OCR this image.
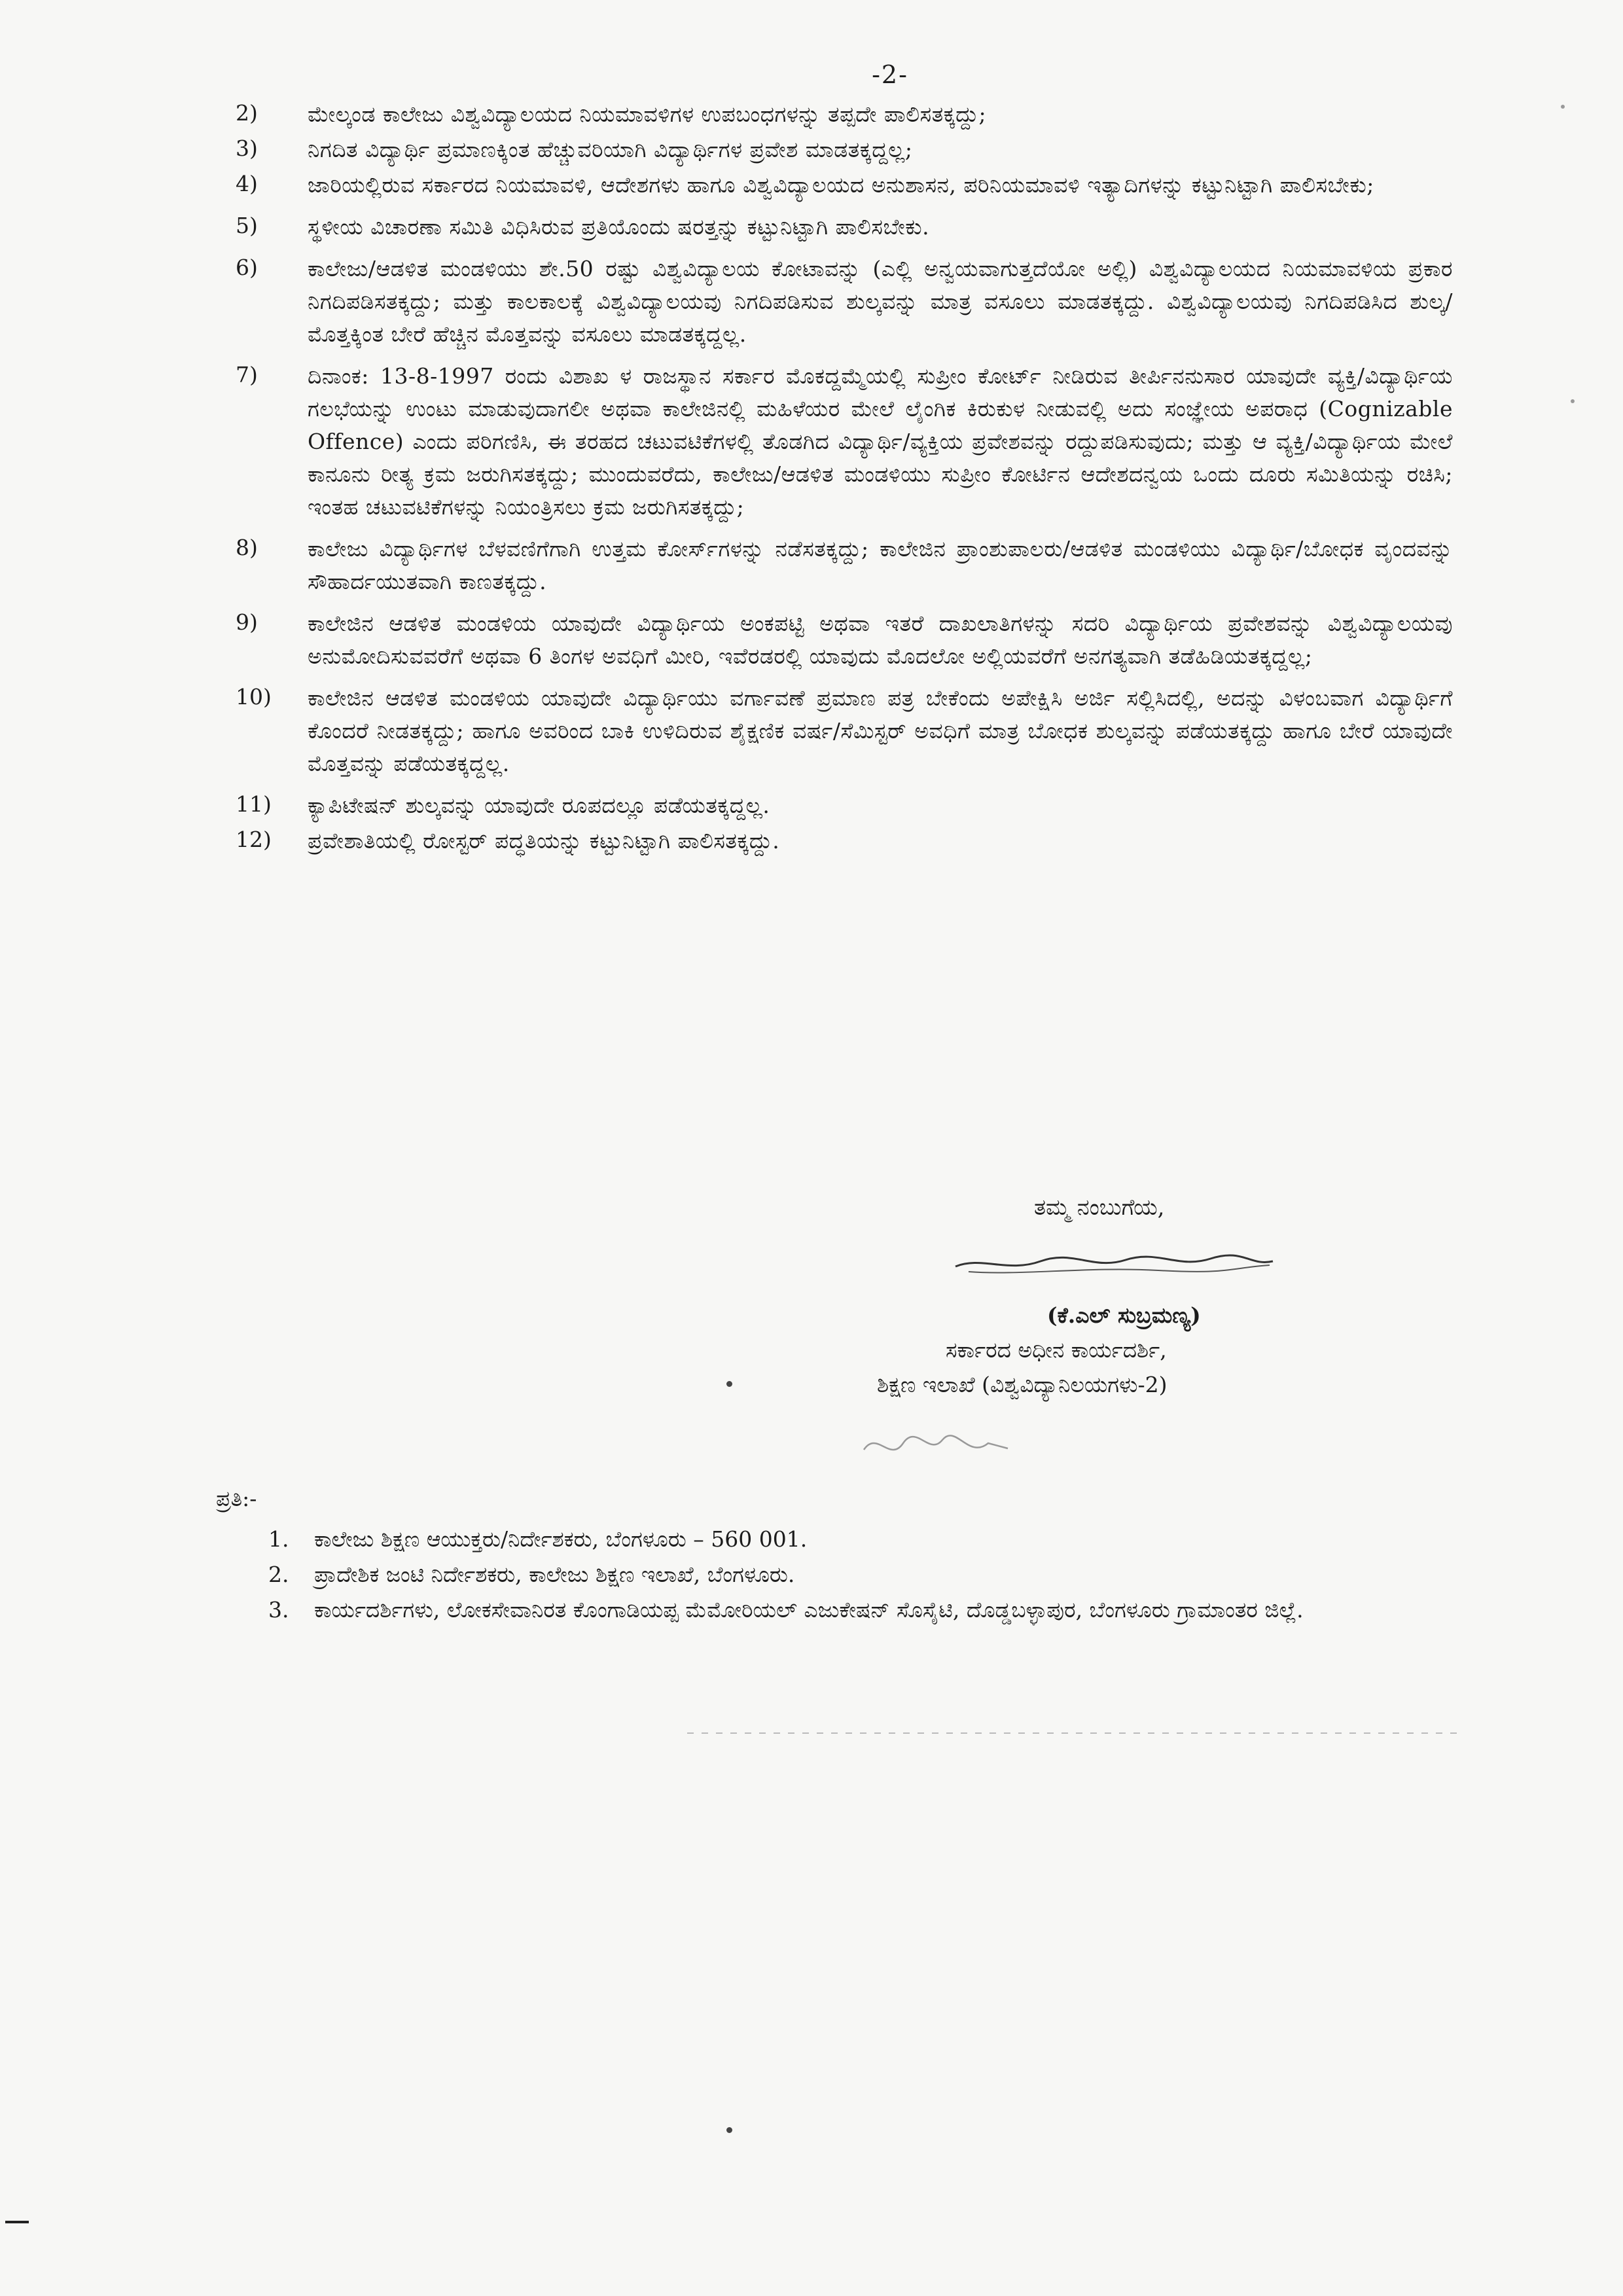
-2-
2)	ಮೇಲ್ಕಂಡ ಕಾಲೇಜು ವಿಶ್ವವಿದ್ಯಾಲಯದ ನಿಯಮಾವಳಿಗಳ ಉಪಬಂಧಗಳನ್ನು ತಪ್ಪದೇ ಪಾಲಿಸತಕ್ಕದ್ದು;
3)	ನಿಗದಿತ ವಿದ್ಯಾರ್ಥಿ ಪ್ರಮಾಣಕ್ಕಿಂತ ಹೆಚ್ಚುವರಿಯಾಗಿ ವಿದ್ಯಾರ್ಥಿಗಳ ಪ್ರವೇಶ ಮಾಡತಕ್ಕದ್ದಲ್ಲ;
4)	ಜಾರಿಯಲ್ಲಿರುವ ಸರ್ಕಾರದ ನಿಯಮಾವಳಿ, ಆದೇಶಗಳು ಹಾಗೂ ವಿಶ್ವವಿದ್ಯಾಲಯದ ಅನುಶಾಸನ, ಪರಿನಿಯಮಾವಳಿ ಇತ್ಯಾದಿಗಳನ್ನು ಕಟ್ಟುನಿಟ್ಟಾಗಿ ಪಾಲಿಸಬೇಕು;
5)	ಸ್ಥಳೀಯ ವಿಚಾರಣಾ ಸಮಿತಿ ವಿಧಿಸಿರುವ ಪ್ರತಿಯೊಂದು ಷರತ್ತನ್ನು ಕಟ್ಟುನಿಟ್ಟಾಗಿ ಪಾಲಿಸಬೇಕು.
6)	ಕಾಲೇಜು/ಆಡಳಿತ ಮಂಡಳಿಯು ಶೇ.50 ರಷ್ಟು ವಿಶ್ವವಿದ್ಯಾಲಯ ಕೋಟಾವನ್ನು (ಎಲ್ಲಿ ಅನ್ವಯವಾಗುತ್ತದೆಯೋ ಅಲ್ಲಿ) ವಿಶ್ವವಿದ್ಯಾಲಯದ ನಿಯಮಾವಳಿಯ ಪ್ರಕಾರ ನಿಗದಿಪಡಿಸತಕ್ಕದ್ದು; ಮತ್ತು ಕಾಲಕಾಲಕ್ಕೆ ವಿಶ್ವವಿದ್ಯಾಲಯವು ನಿಗದಿಪಡಿಸುವ ಶುಲ್ಕವನ್ನು ಮಾತ್ರ ವಸೂಲು ಮಾಡತಕ್ಕದ್ದು. ವಿಶ್ವವಿದ್ಯಾಲಯವು ನಿಗದಿಪಡಿಸಿದ ಶುಲ್ಕ/ಮೊತ್ತಕ್ಕಿಂತ ಬೇರೆ ಹೆಚ್ಚಿನ ಮೊತ್ತವನ್ನು ವಸೂಲು ಮಾಡತಕ್ಕದ್ದಲ್ಲ.
7)	ದಿನಾಂಕ: 13-8-1997 ರಂದು ವಿಶಾಖ ಳ ರಾಜಸ್ಥಾನ ಸರ್ಕಾರ ಮೊಕದ್ದಮ್ಮೆಯಲ್ಲಿ ಸುಪ್ರೀಂ ಕೋರ್ಟ್ ನೀಡಿರುವ ತೀರ್ಪಿನನುಸಾರ ಯಾವುದೇ ವ್ಯಕ್ತಿ/ವಿದ್ಯಾರ್ಥಿಯ ಗಲಭೆಯನ್ನು ಉಂಟು ಮಾಡುವುದಾಗಲೀ ಅಥವಾ ಕಾಲೇಜಿನಲ್ಲಿ ಮಹಿಳೆಯರ ಮೇಲೆ ಲೈಂಗಿಕ ಕಿರುಕುಳ ನೀಡುವಲ್ಲಿ ಅದು ಸಂಜ್ಞೇಯ ಅಪರಾಧ (Cognizable Offence) ಎಂದು ಪರಿಗಣಿಸಿ, ಈ ತರಹದ ಚಟುವಟಿಕೆಗಳಲ್ಲಿ ತೊಡಗಿದ ವಿದ್ಯಾರ್ಥಿ/ವ್ಯಕ್ತಿಯ ಪ್ರವೇಶವನ್ನು ರದ್ದುಪಡಿಸುವುದು; ಮತ್ತು ಆ ವ್ಯಕ್ತಿ/ವಿದ್ಯಾರ್ಥಿಯ ಮೇಲೆ ಕಾನೂನು ರೀತ್ಯ ಕ್ರಮ ಜರುಗಿಸತಕ್ಕದ್ದು; ಮುಂದುವರೆದು, ಕಾಲೇಜು/ಆಡಳಿತ ಮಂಡಳಿಯು ಸುಪ್ರೀಂ ಕೋರ್ಟಿನ ಆದೇಶದನ್ವಯ ಒಂದು ದೂರು ಸಮಿತಿಯನ್ನು ರಚಿಸಿ; ಇಂತಹ ಚಟುವಟಿಕೆಗಳನ್ನು ನಿಯಂತ್ರಿಸಲು ಕ್ರಮ ಜರುಗಿಸತಕ್ಕದ್ದು;
8)	ಕಾಲೇಜು ವಿದ್ಯಾರ್ಥಿಗಳ ಬೆಳವಣಿಗೆಗಾಗಿ ಉತ್ತಮ ಕೋರ್ಸ್‌ಗಳನ್ನು ನಡೆಸತಕ್ಕದ್ದು; ಕಾಲೇಜಿನ ಪ್ರಾಂಶುಪಾಲರು/ಆಡಳಿತ ಮಂಡಳಿಯು ವಿದ್ಯಾರ್ಥಿ/ಬೋಧಕ ವೃಂದವನ್ನು ಸೌಹಾರ್ದಯುತವಾಗಿ ಕಾಣತಕ್ಕದ್ದು.
9)	ಕಾಲೇಜಿನ ಆಡಳಿತ ಮಂಡಳಿಯ ಯಾವುದೇ ವಿದ್ಯಾರ್ಥಿಯ ಅಂಕಪಟ್ಟಿ ಅಥವಾ ಇತರೆ ದಾಖಲಾತಿಗಳನ್ನು ಸದರಿ ವಿದ್ಯಾರ್ಥಿಯ ಪ್ರವೇಶವನ್ನು ವಿಶ್ವವಿದ್ಯಾಲಯವು ಅನುಮೋದಿಸುವವರೆಗೆ ಅಥವಾ 6 ತಿಂಗಳ ಅವಧಿಗೆ ಮೀರಿ, ಇವೆರಡರಲ್ಲಿ ಯಾವುದು ಮೊದಲೋ ಅಲ್ಲಿಯವರೆಗೆ ಅನಗತ್ಯವಾಗಿ ತಡೆಹಿಡಿಯತಕ್ಕದ್ದಲ್ಲ;
10)	ಕಾಲೇಜಿನ ಆಡಳಿತ ಮಂಡಳಿಯ ಯಾವುದೇ ವಿದ್ಯಾರ್ಥಿಯು ವರ್ಗಾವಣೆ ಪ್ರಮಾಣ ಪತ್ರ ಬೇಕೆಂದು ಅಪೇಕ್ಷಿಸಿ ಅರ್ಜಿ ಸಲ್ಲಿಸಿದಲ್ಲಿ, ಅದನ್ನು ವಿಳಂಬವಾಗ ವಿದ್ಯಾರ್ಥಿಗೆ ಕೊಂದರೆ ನೀಡತಕ್ಕದ್ದು; ಹಾಗೂ ಅವರಿಂದ ಬಾಕಿ ಉಳಿದಿರುವ ಶೈಕ್ಷಣಿಕ ವರ್ಷ/ಸೆಮಿಸ್ಟರ್ ಅವಧಿಗೆ ಮಾತ್ರ ಬೋಧಕ ಶುಲ್ಕವನ್ನು ಪಡೆಯತಕ್ಕದ್ದು ಹಾಗೂ ಬೇರೆ ಯಾವುದೇ ಮೊತ್ತವನ್ನು ಪಡೆಯತಕ್ಕದ್ದಲ್ಲ.
11)	ಕ್ಯಾಪಿಟೇಷನ್ ಶುಲ್ಕವನ್ನು ಯಾವುದೇ ರೂಪದಲ್ಲೂ ಪಡೆಯತಕ್ಕದ್ದಲ್ಲ.
12)	ಪ್ರವೇಶಾತಿಯಲ್ಲಿ ರೋಸ್ಟರ್ ಪದ್ಧತಿಯನ್ನು ಕಟ್ಟುನಿಟ್ಟಾಗಿ ಪಾಲಿಸತಕ್ಕದ್ದು.
ತಮ್ಮ ನಂಬುಗೆಯ,
(ಕೆ.ಎಲ್ ಸುಬ್ರಮಣ್ಯ)
ಸರ್ಕಾರದ ಅಧೀನ ಕಾರ್ಯದರ್ಶಿ,
ಶಿಕ್ಷಣ ಇಲಾಖೆ (ವಿಶ್ವವಿದ್ಯಾನಿಲಯಗಳು-2)
ಪ್ರತಿ:-
1.	ಕಾಲೇಜು ಶಿಕ್ಷಣ ಆಯುಕ್ತರು/ನಿರ್ದೇಶಕರು, ಬೆಂಗಳೂರು – 560 001.
2.	ಪ್ರಾದೇಶಿಕ ಜಂಟಿ ನಿರ್ದೇಶಕರು, ಕಾಲೇಜು ಶಿಕ್ಷಣ ಇಲಾಖೆ, ಬೆಂಗಳೂರು.
3.	ಕಾರ್ಯದರ್ಶಿಗಳು, ಲೋಕಸೇವಾನಿರತ ಕೊಂಗಾಡಿಯಪ್ಪ ಮೆಮೋರಿಯಲ್ ಎಜುಕೇಷನ್ ಸೊಸೈಟಿ, ದೊಡ್ಡಬಳ್ಳಾಪುರ, ಬೆಂಗಳೂರು ಗ್ರಾಮಾಂತರ ಜಿಲ್ಲೆ.
